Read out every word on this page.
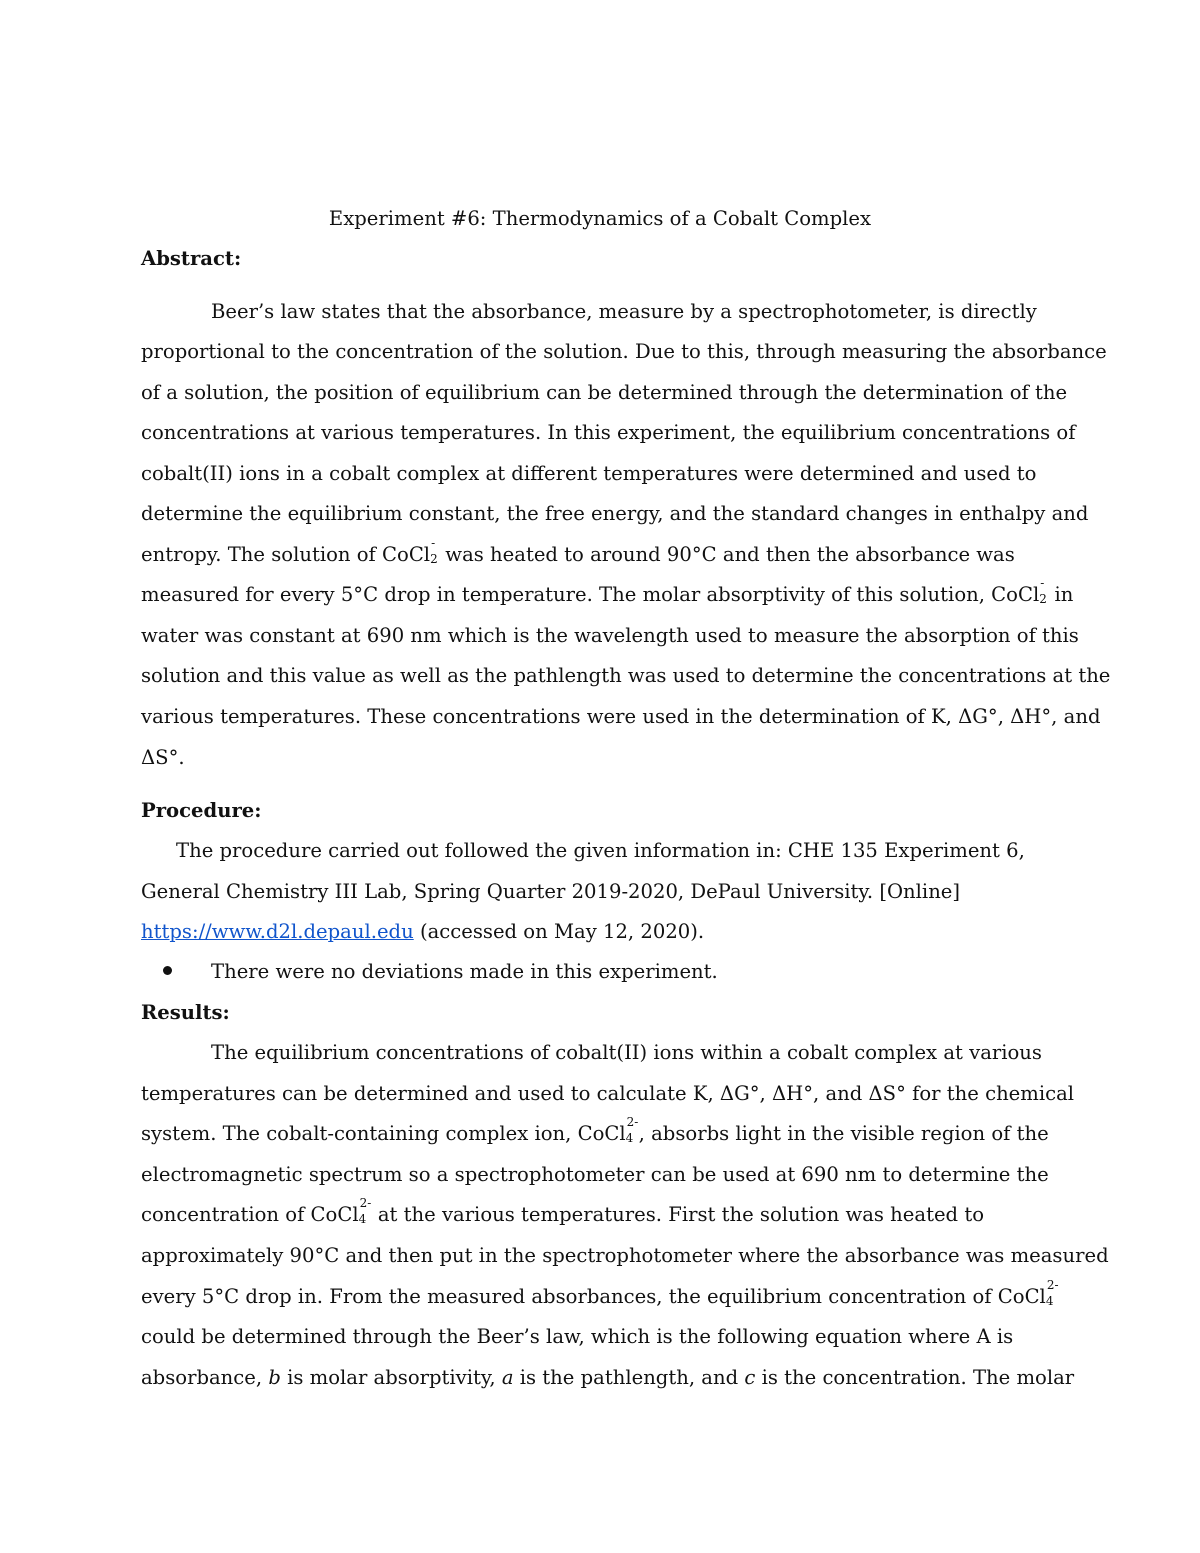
Experiment #6: Thermodynamics of a Cobalt Complex
Abstract:
Beer’s law states that the absorbance, measure by a spectrophotometer, is directly
proportional to the concentration of the solution. Due to this, through measuring the absorbance
of a solution, the position of equilibrium can be determined through the determination of the
concentrations at various temperatures. In this experiment, the equilibrium concentrations of
cobalt(II) ions in a cobalt complex at different temperatures were determined and used to
determine the equilibrium constant, the free energy, and the standard changes in enthalpy and
entropy. The solution of CoCl 2
- was heated to around 90°C and then the absorbance was
measured for every 5°C drop in temperature. The molar absorptivity of this solution, CoCl 2
- in
water was constant at 690 nm which is the wavelength used to measure the absorption of this
solution and this value as well as the pathlength was used to determine the concentrations at the
various temperatures. These concentrations were used in the determination of K, ΔG°, ΔH°, and
ΔS°.
Procedure:
The procedure carried out followed the given information in: CHE 135 Experiment 6,
General Chemistry III Lab, Spring Quarter 2019-2020, DePaul University. [Online]
https://www.d2l.depaul.edu (accessed on May 12, 2020).
There were no deviations made in this experiment.
Results:
The equilibrium concentrations of cobalt(II) ions within a cobalt complex at various
temperatures can be determined and used to calculate K, ΔG°, ΔH°, and ΔS° for the chemical
system. The cobalt-containing complex ion, CoCl 4
2- , absorbs light in the visible region of the
electromagnetic spectrum so a spectrophotometer can be used at 690 nm to determine the
concentration of CoCl 4
2- at the various temperatures. First the solution was heated to
approximately 90°C and then put in the spectrophotometer where the absorbance was measured
every 5°C drop in. From the measured absorbances, the equilibrium concentration of CoCl 4
2-
could be determined through the Beer’s law, which is the following equation where A is
absorbance, b is molar absorptivity, a is the pathlength, and c is the concentration. The molar
